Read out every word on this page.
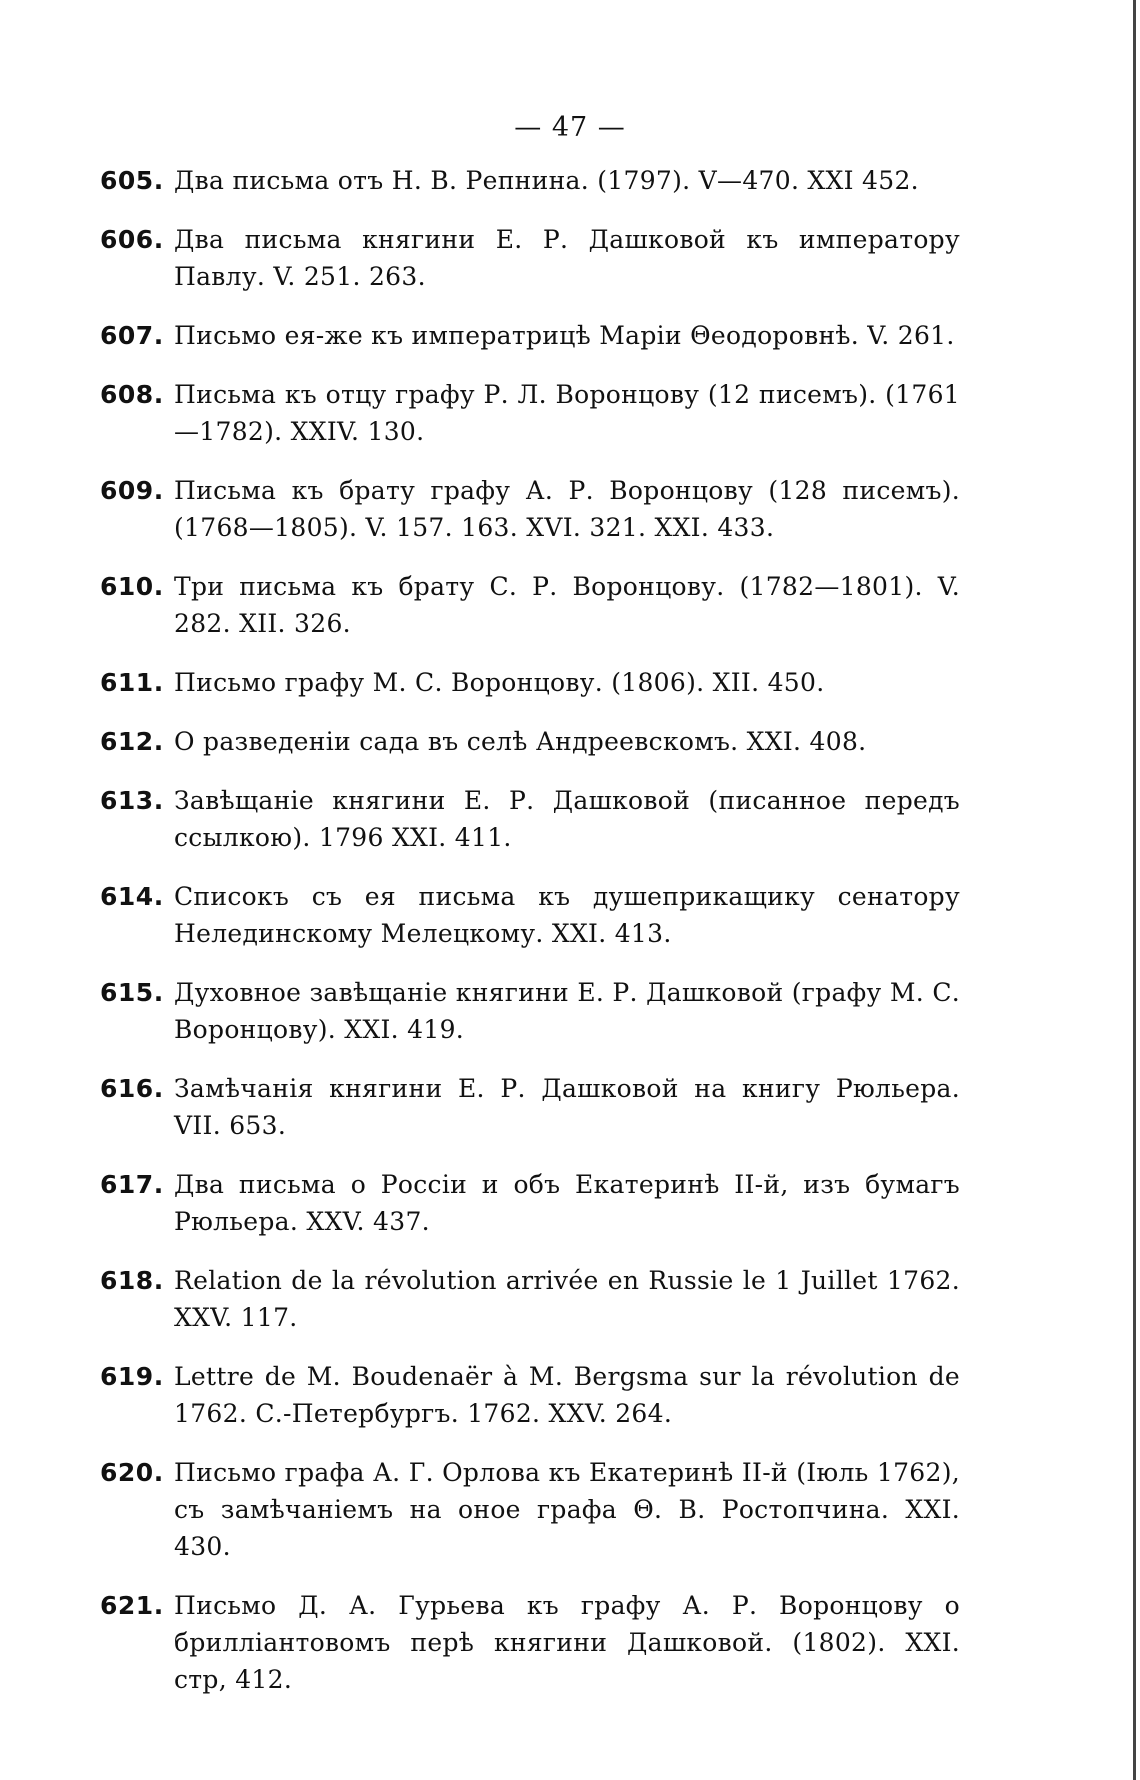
— 47 —
605 . Два письма отъ Н. В. Репнина. (1797). V—470. XXI 452.
606 . Два письма княгини Е. Р. Дашковой къ императору Павлу. V. 251. 263.
607 . Письмо ея-же къ императрицѣ Маріи Θеодоровнѣ. V. 261.
608 . Письма къ отцу графу Р. Л. Воронцову (12 писемъ). (1761—1782). XXIV. 130.
609 . Письма къ брату графу А. Р. Воронцову (128 писемъ). (1768—1805). V. 157. 163. XVI. 321. XXI. 433.
610 . Три письма къ брату С. Р. Воронцову. (1782—1801). V. 282. XII. 326.
611 . Письмо графу М. С. Воронцову. (1806). XII. 450.
612 . О разведеніи сада въ селѣ Андреевскомъ. XXI. 408.
613 . Завѣщаніе княгини Е. Р. Дашковой (писанное передъ ссылкою). 1796 XXI. 411.
614 . Списокъ съ ея письма къ душеприкащику сенатору Нелединскому Мелецкому. XXI. 413.
615 . Духовное завѣщаніе княгини Е. Р. Дашковой (графу М. С. Воронцову). XXI. 419.
616 . Замѣчанія княгини Е. Р. Дашковой на книгу Рюльера. VII. 653.
617 . Два письма о Россіи и объ Екатеринѣ II-й, изъ бумагъ Рюльера. XXV. 437.
618 . Relation de la révolution arrivée en Russie le 1 Juillet 1762. XXV. 117.
619 . Lettre de M. Boudenaër à M. Bergsma sur la révolution de 1762. С.-Петербургъ. 1762. XXV. 264.
620 . Письмо графа А. Г. Орлова къ Екатеринѣ II-й (Іюль 1762), съ замѣчаніемъ на оное графа Θ. В. Ростопчина. XXI. 430.
621 . Письмо Д. А. Гурьева къ графу А. Р. Воронцову о брилліантовомъ перѣ княгини Дашковой. (1802). XXI. стр, 412.
